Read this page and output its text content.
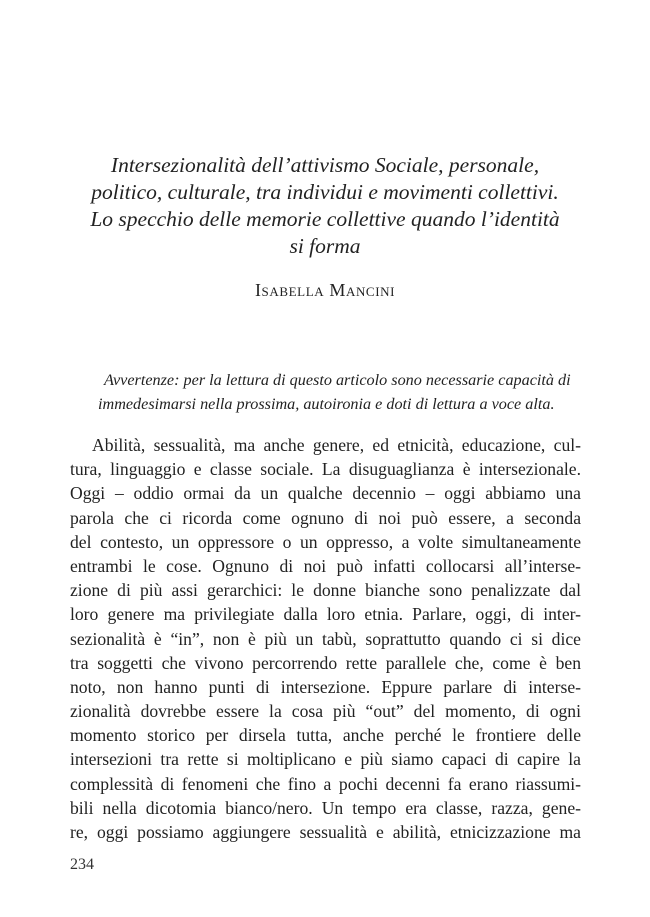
Intersezionalità dell’attivismo Sociale, personale,
politico, culturale, tra individui e movimenti collettivi.
Lo specchio delle memorie collettive quando l’identità
si forma
Isabella Mancini
Avvertenze: per la lettura di questo articolo sono necessarie capacità di
immedesimarsi nella prossima, autoironia e doti di lettura a voce alta.
Abilità, sessualità, ma anche genere, ed etnicità, educazione, cul-
tura, linguaggio e classe sociale. La disuguaglianza è intersezionale.
Oggi – oddio ormai da un qualche decennio – oggi abbiamo una
parola che ci ricorda come ognuno di noi può essere, a seconda
del contesto, un oppressore o un oppresso, a volte simultaneamente
entrambi le cose. Ognuno di noi può infatti collocarsi all’interse-
zione di più assi gerarchici: le donne bianche sono penalizzate dal
loro genere ma privilegiate dalla loro etnia. Parlare, oggi, di inter-
sezionalità è “in”, non è più un tabù, soprattutto quando ci si dice
tra soggetti che vivono percorrendo rette parallele che, come è ben
noto, non hanno punti di intersezione. Eppure parlare di interse-
zionalità dovrebbe essere la cosa più “out” del momento, di ogni
momento storico per dirsela tutta, anche perché le frontiere delle
intersezioni tra rette si moltiplicano e più siamo capaci di capire la
complessità di fenomeni che fino a pochi decenni fa erano riassumi-
bili nella dicotomia bianco/nero. Un tempo era classe, razza, gene-
re, oggi possiamo aggiungere sessualità e abilità, etnicizzazione ma
234
